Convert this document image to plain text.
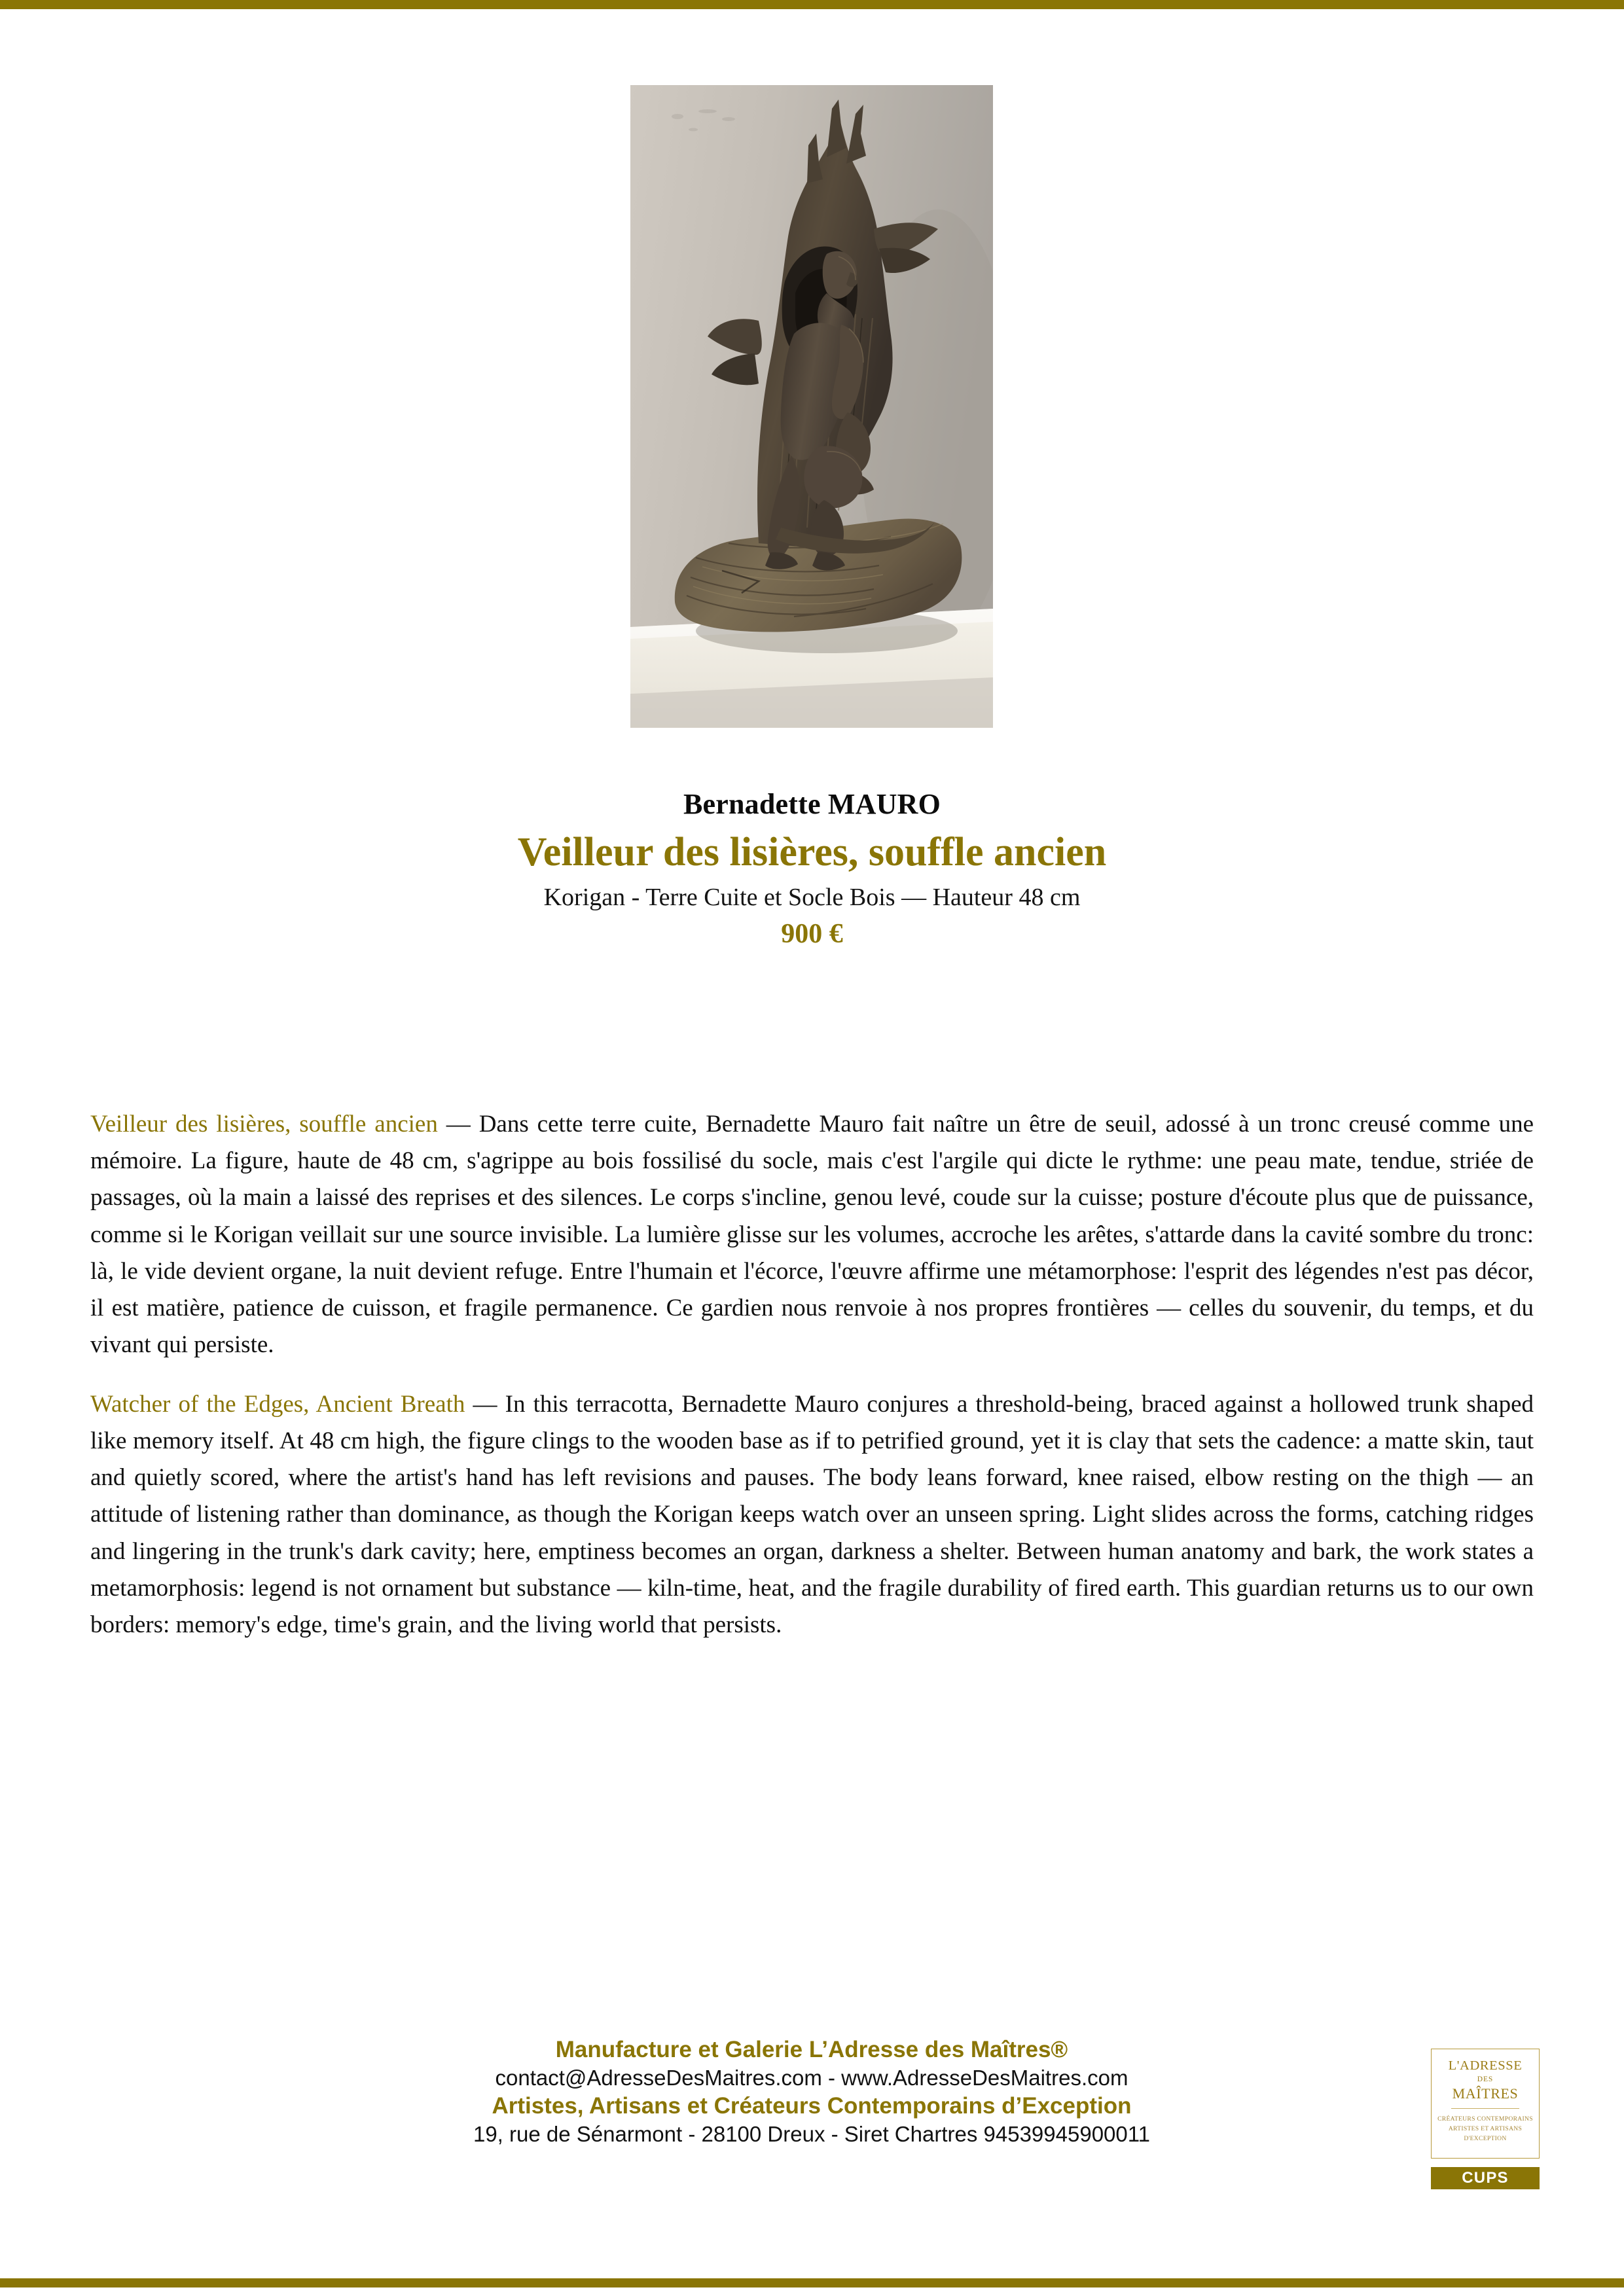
Bernadette MAURO
Veilleur des lisières, souffle ancien
Korigan - Terre Cuite et Socle Bois — Hauteur 48 cm
900 €

Veilleur des lisières, souffle ancien — Dans cette terre cuite, Bernadette Mauro fait naître un être de seuil, adossé à un tronc creusé comme une mémoire. La figure, haute de 48 cm, s'agrippe au bois fossilisé du socle, mais c'est l'argile qui dicte le rythme: une peau mate, tendue, striée de passages, où la main a laissé des reprises et des silences. Le corps s'incline, genou levé, coude sur la cuisse; posture d'écoute plus que de puissance, comme si le Korigan veillait sur une source invisible. La lumière glisse sur les volumes, accroche les arêtes, s'attarde dans la cavité sombre du tronc: là, le vide devient organe, la nuit devient refuge. Entre l'humain et l'écorce, l'œuvre affirme une métamorphose: l'esprit des légendes n'est pas décor, il est matière, patience de cuisson, et fragile permanence. Ce gardien nous renvoie à nos propres frontières — celles du souvenir, du temps, et du vivant qui persiste.

Watcher of the Edges, Ancient Breath — In this terracotta, Bernadette Mauro conjures a threshold-being, braced against a hollowed trunk shaped like memory itself. At 48 cm high, the figure clings to the wooden base as if to petrified ground, yet it is clay that sets the cadence: a matte skin, taut and quietly scored, where the artist's hand has left revisions and pauses. The body leans forward, knee raised, elbow resting on the thigh — an attitude of listening rather than dominance, as though the Korigan keeps watch over an unseen spring. Light slides across the forms, catching ridges and lingering in the trunk's dark cavity; here, emptiness becomes an organ, darkness a shelter. Between human anatomy and bark, the work states a metamorphosis: legend is not ornament but substance — kiln-time, heat, and the fragile durability of fired earth. This guardian returns us to our own borders: memory's edge, time's grain, and the living world that persists.

Manufacture et Galerie L’Adresse des Maîtres®
contact@AdresseDesMaitres.com - www.AdresseDesMaitres.com
Artistes, Artisans et Créateurs Contemporains d’Exception
19, rue de Sénarmont - 28100 Dreux - Siret Chartres 94539945900011
L'ADRESSE
DES
MAÎTRES
CRÉATEURS CONTEMPORAINS
ARTISTES ET ARTISANS
D'EXCEPTION
CUPS
